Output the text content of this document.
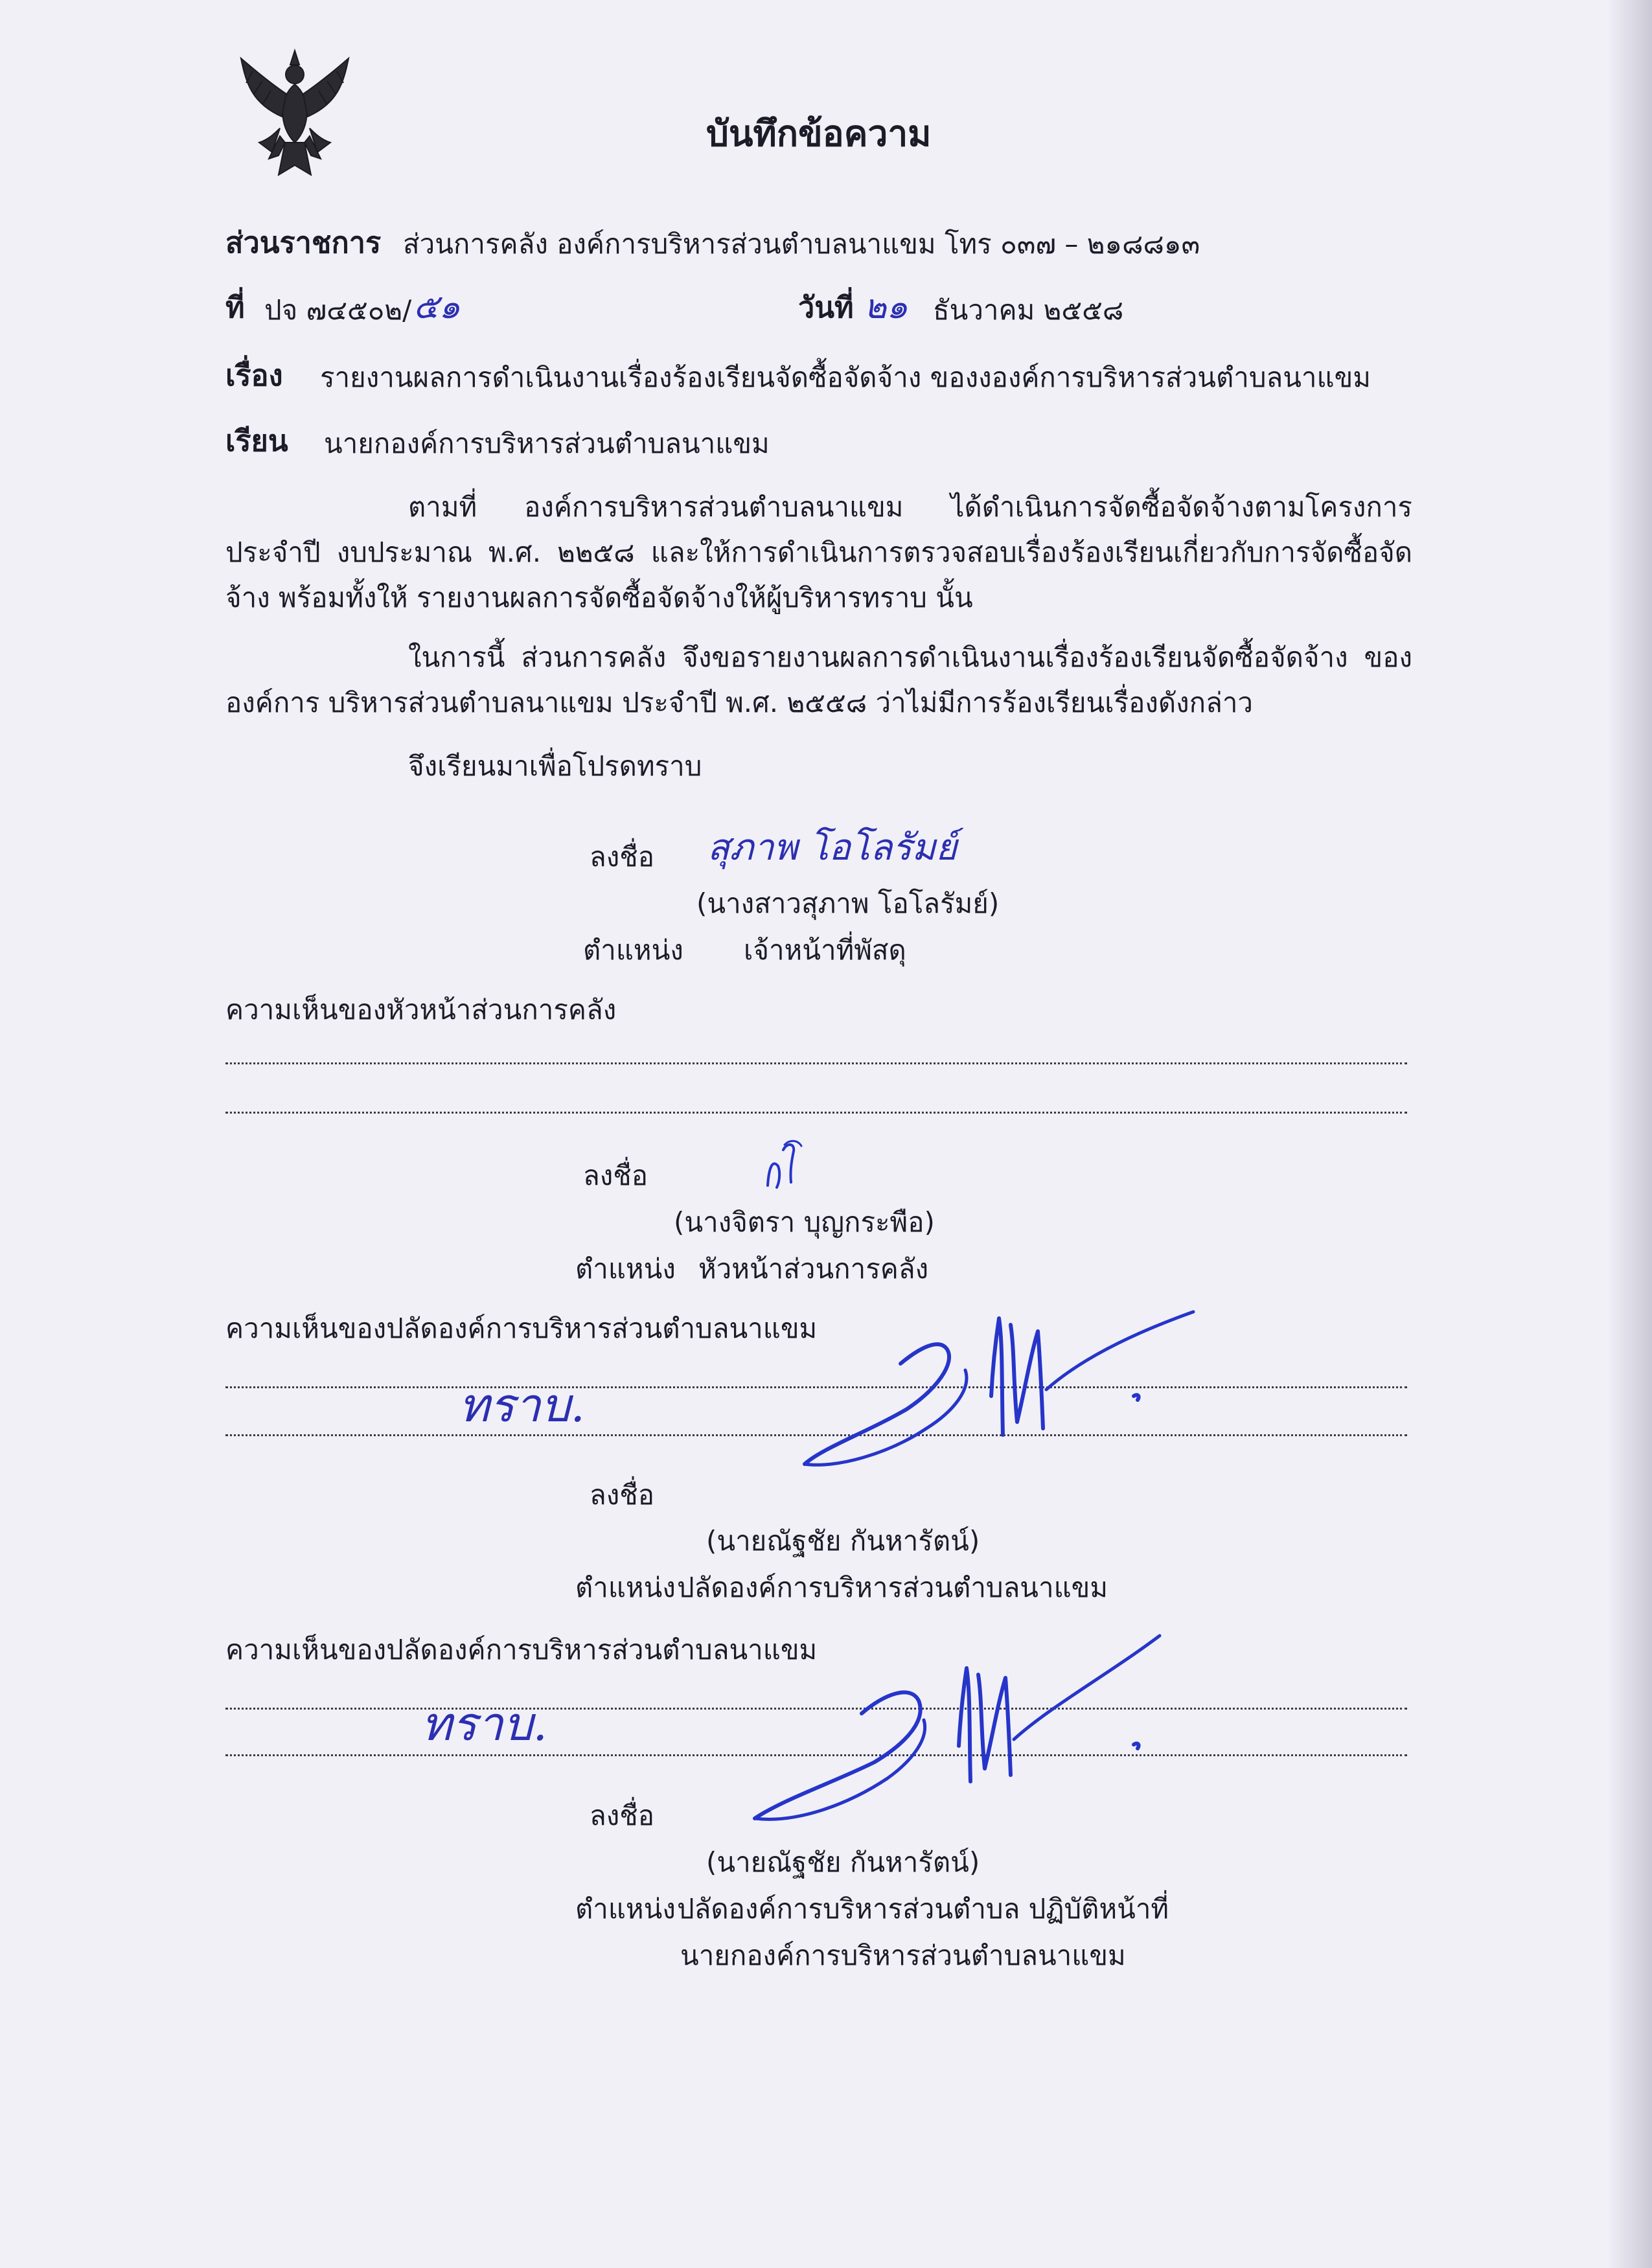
บันทึกข้อความ
ส่วนราชการ ส่วนการคลัง องค์การบริหารส่วนตำบลนาแขม โทร ๐๓๗ – ๒๑๘๘๑๓
ที่ ปจ ๗๔๕๐๒/ ๕๑	วันที่ ๒๑ ธันวาคม ๒๕๕๘
เรื่อง รายงานผลการดำเนินงานเรื่องร้องเรียนจัดซื้อจัดจ้าง ของงองค์การบริหารส่วนตำบลนาแขม
เรียน นายกองค์การบริหารส่วนตำบลนาแขม
ตามที่ องค์การบริหารส่วนตำบลนาแขม ได้ดำเนินการจัดซื้อจัดจ้างตามโครงการประจำปี งบประมาณ พ.ศ. ๒๒๕๘ และให้การดำเนินการตรวจสอบเรื่องร้องเรียนเกี่ยวกับการจัดซื้อจัดจ้าง พร้อมทั้งให้ รายงานผลการจัดซื้อจัดจ้างให้ผู้บริหารทราบ นั้น
ในการนี้ ส่วนการคลัง จึงขอรายงานผลการดำเนินงานเรื่องร้องเรียนจัดซื้อจัดจ้าง ขององค์การ บริหารส่วนตำบลนาแขม ประจำปี พ.ศ. ๒๕๕๘ ว่าไม่มีการร้องเรียนเรื่องดังกล่าว
จึงเรียนมาเพื่อโปรดทราบ
ลงชื่อ สุภาพ โอโลรัมย์
(นางสาวสุภาพ โอโลรัมย์)
ตำแหน่ง เจ้าหน้าที่พัสดุ
ความเห็นของหัวหน้าส่วนการคลัง
ลงชื่อ
(นางจิตรา บุญกระพือ)
ตำแหน่ง หัวหน้าส่วนการคลัง
ความเห็นของปลัดองค์การบริหารส่วนตำบลนาแขม
ทราบ.
ลงชื่อ
(นายณัฐชัย กันหารัตน์)
ตำแหน่ง ปลัดองค์การบริหารส่วนตำบลนาแขม
ความเห็นของปลัดองค์การบริหารส่วนตำบลนาแขม
ทราบ.
ลงชื่อ
(นายณัฐชัย กันหารัตน์)
ตำแหน่ง ปลัดองค์การบริหารส่วนตำบล ปฏิบัติหน้าที่
นายกองค์การบริหารส่วนตำบลนาแขม
